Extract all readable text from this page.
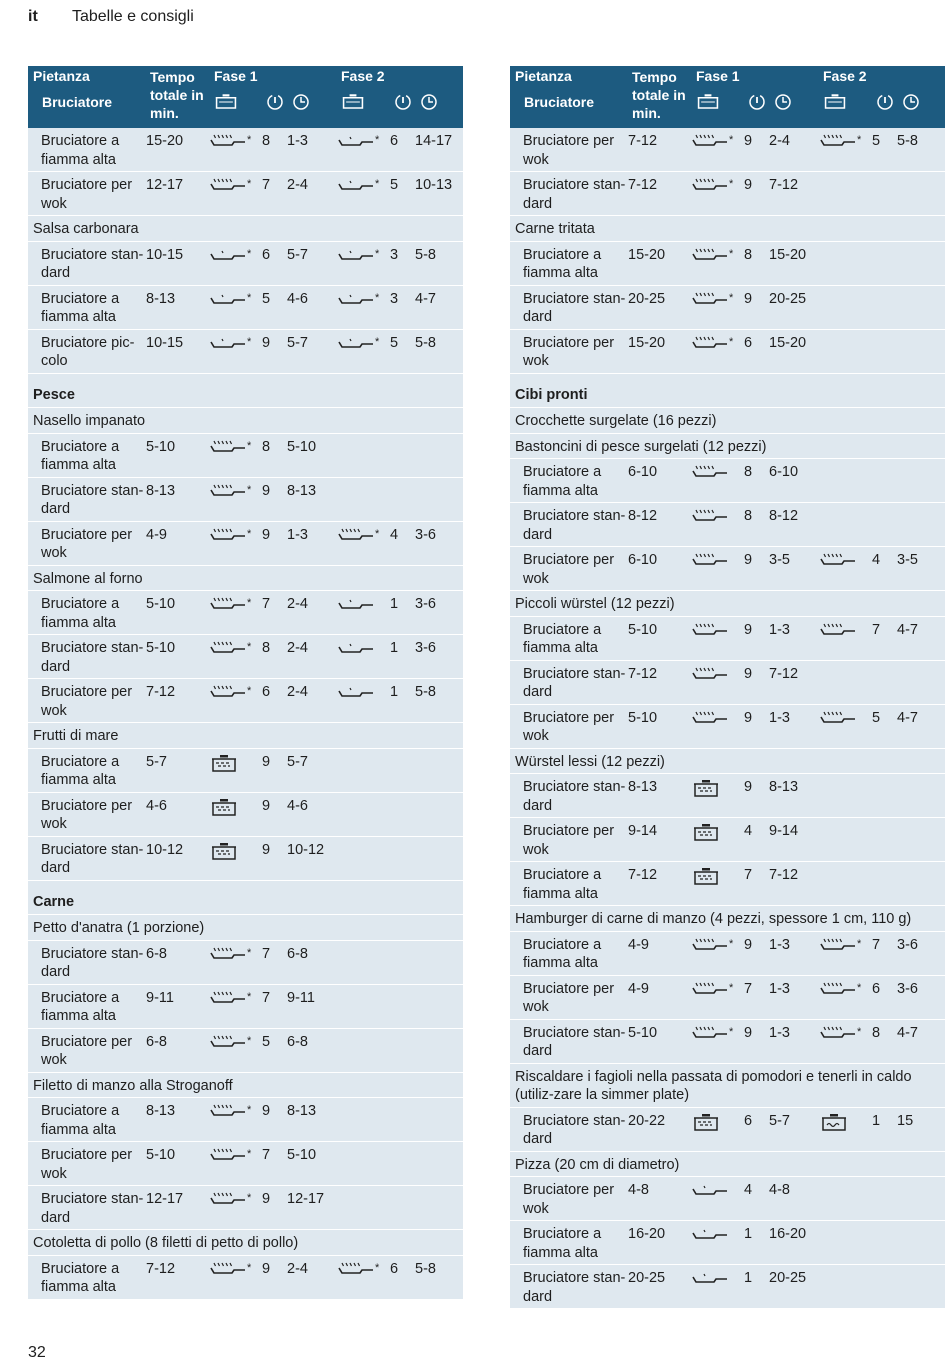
it Tabelle e consigli
Pietanza
Bruciatore
Fase 1	Fase 2
Tempo totale in min.
Bruciatore a fiamma alta
15-20	* 8	1-3	* 6	14-17
Bruciatore per wok
12-17	* 7	2-4	* 5	10-13
Salsa carbonara
Bruciatore stan-dard
10-15	* 6	5-7	* 3	5-8
Bruciatore a fiamma alta
8-13	* 5	4-6	* 3	4-7
Bruciatore pic-colo
10-15	* 9	5-7	* 5	5-8
Pesce
Nasello impanato
Bruciatore a fiamma alta
5-10	* 8	5-10
Bruciatore stan-dard
8-13	* 9	8-13
Bruciatore per wok
4-9	* 9	1-3	* 4	3-6
Salmone al forno
Bruciatore a fiamma alta
5-10	* 7	2-4	1	3-6
Bruciatore stan-dard
5-10	* 8	2-4	1	3-6
Bruciatore per wok
7-12	* 6	2-4	1	5-8
Frutti di mare
Bruciatore a fiamma alta
5-7	9	5-7
Bruciatore per wok
4-6	9	4-6
Bruciatore stan-dard
10-12	9	10-12
Carne
Petto d'anatra (1 porzione)
Bruciatore stan-dard
6-8	* 7	6-8
Bruciatore a fiamma alta
9-11	* 7	9-11
Bruciatore per wok
6-8	* 5	6-8
Filetto di manzo alla Stroganoff
Bruciatore a fiamma alta
8-13	* 9	8-13
Bruciatore per wok
5-10	* 7	5-10
Bruciatore stan-dard
12-17	* 9	12-17
Cotoletta di pollo (8 filetti di petto di pollo)
Bruciatore a fiamma alta
7-12	* 9	2-4	* 6	5-8
Pietanza
Bruciatore
Fase 1	Fase 2
Tempo totale in min.
Bruciatore per wok
7-12	* 9	2-4	* 5	5-8
Bruciatore stan-dard
7-12	* 9	7-12
Carne tritata
Bruciatore a fiamma alta
15-20	* 8	15-20
Bruciatore stan-dard
20-25	* 9	20-25
Bruciatore per wok
15-20	* 6	15-20
Cibi pronti
Crocchette surgelate (16 pezzi)
Bastoncini di pesce surgelati (12 pezzi)
Bruciatore a fiamma alta
6-10	8	6-10
Bruciatore stan-dard
8-12	8	8-12
Bruciatore per wok
6-10	9	3-5	4	3-5
Piccoli würstel (12 pezzi)
Bruciatore a fiamma alta
5-10	9	1-3	7	4-7
Bruciatore stan-dard
7-12	9	7-12
Bruciatore per wok
5-10	9	1-3	5	4-7
Würstel lessi (12 pezzi)
Bruciatore stan-dard
8-13	9	8-13
Bruciatore per wok
9-14	4	9-14
Bruciatore a fiamma alta
7-12	7	7-12
Hamburger di carne di manzo (4 pezzi, spessore 1 cm, 110 g)
Bruciatore a fiamma alta
4-9	* 9	1-3	* 7	3-6
Bruciatore per wok
4-9	* 7	1-3	* 6	3-6
Bruciatore stan-dard
5-10	* 9	1-3	* 8	4-7
Riscaldare i fagioli nella passata di pomodori e tenerli in caldo (utiliz-zare la simmer plate)
Bruciatore stan-dard
20-22	6	5-7	1	15
Pizza (20 cm di diametro)
Bruciatore per wok
4-8	4	4-8
Bruciatore a fiamma alta
16-20	1	16-20
Bruciatore stan-dard
20-25	1	20-25
32
